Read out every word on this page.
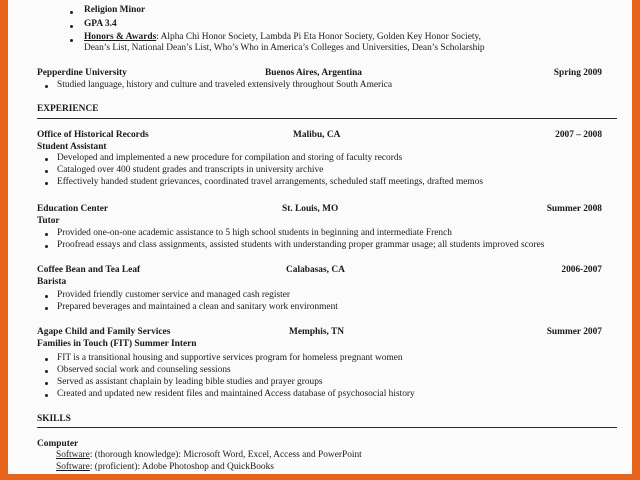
Religion Minor
GPA 3.4
Honors & Awards: Alpha Chi Honor Society, Lambda Pi Eta Honor Society, Golden Key Honor Society,
Dean’s List, National Dean’s List, Who’s Who in America’s Colleges and Universities, Dean’s Scholarship
Pepperdine University	Buenos Aires, Argentina	Spring 2009
Studied language, history and culture and traveled extensively throughout South America
EXPERIENCE
Office of Historical Records	Malibu, CA	2007 – 2008
Student Assistant
Developed and implemented a new procedure for compilation and storing of faculty records
Cataloged over 400 student grades and transcripts in university archive
Effectively handed student grievances, coordinated travel arrangements, scheduled staff meetings, drafted memos
Education Center	St. Louis, MO	Summer 2008
Tutor
Provided one-on-one academic assistance to 5 high school students in beginning and intermediate French
Proofread essays and class assignments, assisted students with understanding proper grammar usage; all students improved scores
Coffee Bean and Tea Leaf	Calabasas, CA	2006-2007
Barista
Provided friendly customer service and managed cash register
Prepared beverages and maintained a clean and sanitary work environment
Agape Child and Family Services	Memphis, TN	Summer 2007
Families in Touch (FIT) Summer Intern
FIT is a transitional housing and supportive services program for homeless pregnant women
Observed social work and counseling sessions
Served as assistant chaplain by leading bible studies and prayer groups
Created and updated new resident files and maintained Access database of psychosocial history
SKILLS
Computer
Software: (thorough knowledge): Microsoft Word, Excel, Access and PowerPoint
Software: (proficient): Adobe Photoshop and QuickBooks
